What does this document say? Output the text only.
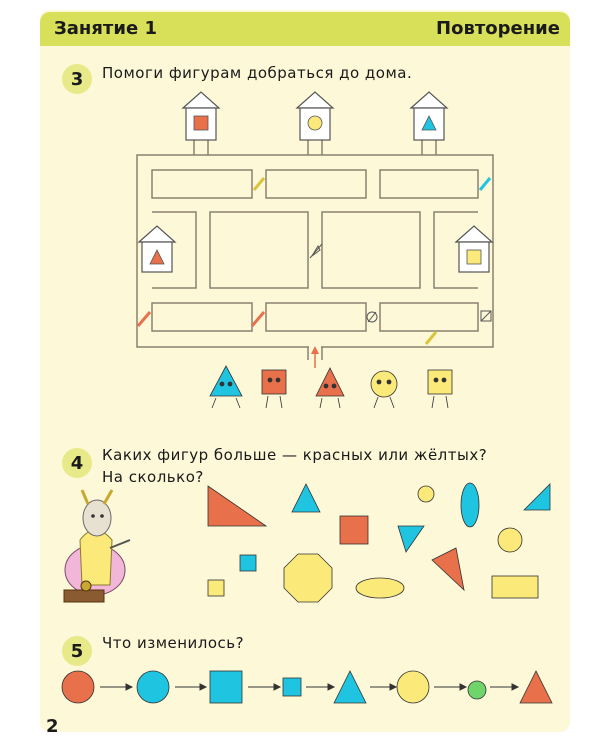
Занятие 1	Повторение
3	Помоги фигурам добраться до дома.
4	Каких фигур больше — красных или жёлтых?
На сколько?
5	Что изменилось?
2
